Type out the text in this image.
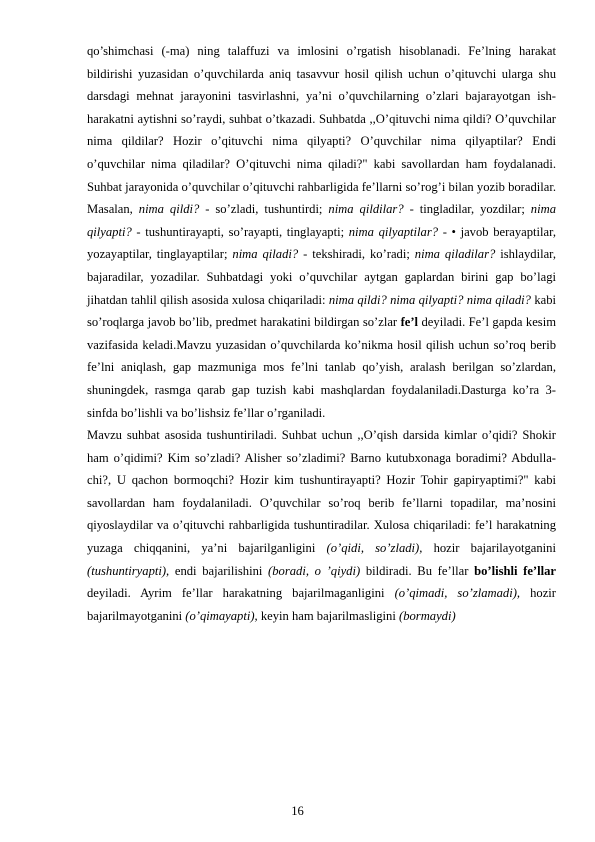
qo’shimchasi (-ma) ning talaffuzi va imlosini o’rgatish hisoblanadi. Fe’lning harakat bildirishi yuzasidan o’quvchilarda aniq tasavvur hosil qilish uchun o’qituvchi ularga shu darsdagi mehnat jarayonini tasvirlashni, ya’ni o’quvchilarning o’zlari bajarayotgan ish-harakatni aytishni so’raydi, suhbat o’tkazadi. Suhbatda ,,O’qituvchi nima qildi? O’quvchilar nima qildilar? Hozir o’qituvchi nima qilyapti? O’quvchilar nima qilyaptilar? Endi o’quvchilar nima qiladilar? O’qituvchi nima qiladi?" kabi savollardan ham foydalanadi. Suhbat jarayonida o’quvchilar o’qituvchi rahbarligida fe’llarni so’rog’i bilan yozib boradilar. Masalan, nima qildi? - so’zladi, tushuntirdi; nima qildilar? - tingladilar, yozdilar; nima qilyapti? - tushuntirayapti, so’rayapti, tinglayapti; nima qilyaptilar? - • javob berayaptilar, yozayaptilar, tinglayaptilar; nima qiladi? - tekshiradi, ko’radi; nima qiladilar? ishlaydilar, bajaradilar, yozadilar. Suhbatdagi yoki o’quvchilar aytgan gaplardan birini gap bo’lagi jihatdan tahlil qilish asosida xulosa chiqariladi: nima qildi? nima qilyapti? nima qiladi? kabi so’roqlarga javob bo’lib, predmet harakatini bildirgan so’zlar fe’l deyiladi. Fe’l gapda kesim vazifasida keladi.Mavzu yuzasidan o’quvchilarda ko’nikma hosil qilish uchun so’roq berib fe’lni aniqlash, gap mazmuniga mos fe’lni tanlab qo’yish, aralash berilgan so’zlardan, shuningdek, rasmga qarab gap tuzish kabi mashqlardan foydalaniladi.Dasturga ko’ra 3-sinfda bo’lishli va bo’lishsiz fe’llar o’rganiladi.

Mavzu suhbat asosida tushuntiriladi. Suhbat uchun ,,O’qish darsida kimlar o’qidi? Shokir ham o’qidimi? Kim so’zladi? Alisher so’zladimi? Barno kutubxonaga boradimi? Abdulla-chi?, U qachon bormoqchi? Hozir kim tushuntirayapti? Hozir Tohir gapiryaptimi?" kabi savollardan ham foydalaniladi. O’quvchilar so’roq berib fe’llarni topadilar, ma’nosini qiyoslaydilar va o’qituvchi rahbarligida tushuntiradilar. Xulosa chiqariladi: fe’l harakatning yuzaga chiqqanini, ya’ni bajarilganligini (o’qidi, so’zladi), hozir bajarilayotganini (tushuntiryapti), endi bajarilishini (boradi, o ’qiydi) bildiradi. Bu fe’llar bo’lishli fe’llar deyiladi. Ayrim fe’llar harakatning bajarilmaganligini (o’qimadi, so’zlamadi), hozir bajarilmayotganini (o’qimayapti), keyin ham bajarilmasligini (bormaydi)

16
